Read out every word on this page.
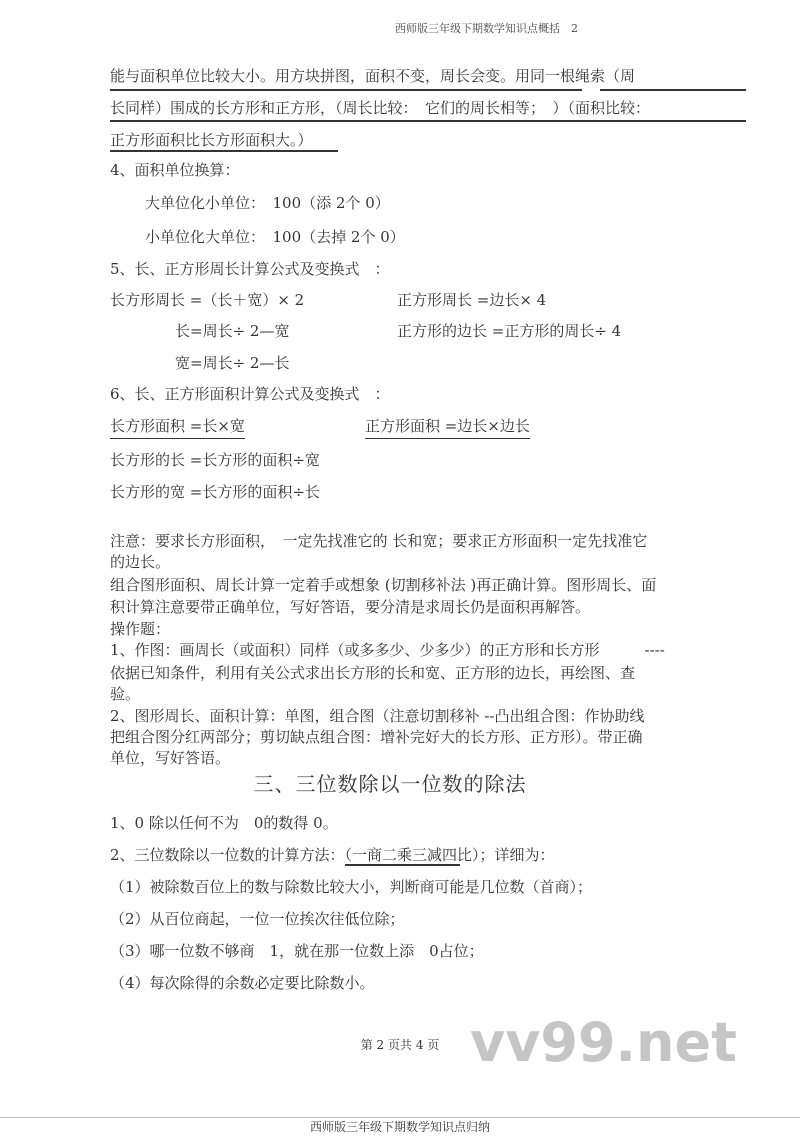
西师版三年级下期数学知识点概括　2
能与面积单位比较大小。用方块拼图，面积不变，周长会变。用同一根绳索（周
长同样）围成的长方形和正方形，（周长比较：　它们的周长相等；　）（面积比较：
正方形面积比长方形面积大。）
4、面积单位换算：
大单位化小单位：　100（添 2个 0）
小单位化大单位：　100（去掉 2个 0）
5、长、正方形周长计算公式及变换式　：
长方形周长 =（长＋宽）× 2	正方形周长 =边长× 4
长=周长÷ 2—宽	正方形的边长 =正方形的周长÷ 4
宽=周长÷ 2—长
6、长、正方形面积计算公式及变换式　：
长方形面积 =长×宽	正方形面积 =边长×边长
长方形的长 =长方形的面积÷宽
长方形的宽 =长方形的面积÷长
注意：要求长方形面积，　一定先找准它的 长和宽；要求正方形面积一定先找准它
的边长。
组合图形面积、周长计算一定着手或想象 (切割移补法 )再正确计算。图形周长、面
积计算注意要带正确单位，写好答语，要分清是求周长仍是面积再解答。
操作题：
1、作图：画周长（或面积）同样（或多多少、少多少）的正方形和长方形　　　----
依据已知条件，利用有关公式求出长方形的长和宽、正方形的边长，再绘图、查
验。
2、图形周长、面积计算：单图，组合图（注意切割移补 --凸出组合图：作协助线
把组合图分红两部分；剪切缺点组合图：增补完好大的长方形、正方形）。带正确
单位，写好答语。
三、三位数除以一位数的除法
1、0 除以任何不为　0的数得 0。
2、三位数除以一位数的计算方法：（一商二乘三减四比）；详细为：
（1）被除数百位上的数与除数比较大小，判断商可能是几位数（首商）；
（2）从百位商起，一位一位挨次往低位除；
（3）哪一位数不够商　1，就在那一位数上添　0占位；
（4）每次除得的余数必定要比除数小。
第 2 页共 4 页 vv99.net
西师版三年级下期数学知识点归纳
